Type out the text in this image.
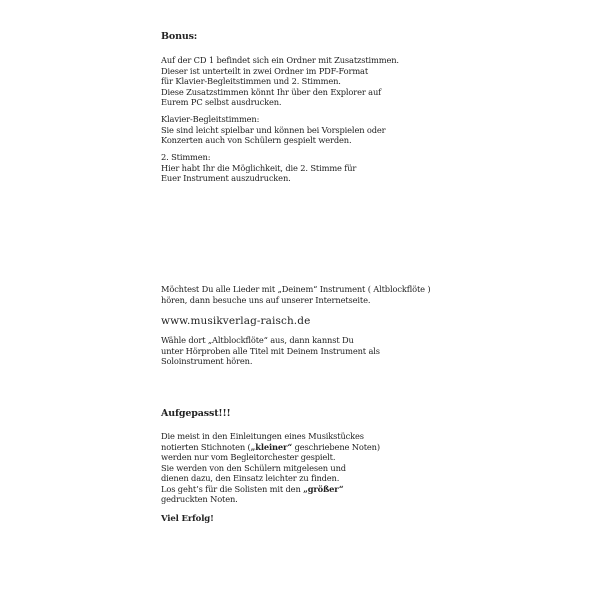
Bonus:
Auf der CD 1 befindet sich ein Ordner mit Zusatzstimmen.
Dieser ist unterteilt in zwei Ordner im PDF-Format
für Klavier-Begleitstimmen und 2. Stimmen.
Diese Zusatzstimmen könnt Ihr über den Explorer auf
Eurem PC selbst ausdrucken.
Klavier-Begleitstimmen:
Sie sind leicht spielbar und können bei Vorspielen oder
Konzerten auch von Schülern gespielt werden.
2. Stimmen:
Hier habt Ihr die Möglichkeit, die 2. Stimme für
Euer Instrument auszudrucken.
Möchtest Du alle Lieder mit „Deinem“ Instrument ( Altblockflöte )
hören, dann besuche uns auf unserer Internetseite.
www.musikverlag-raisch.de
Wähle dort „Altblockflöte“ aus, dann kannst Du
unter Hörproben alle Titel mit Deinem Instrument als
Soloinstrument hören.
Aufgepasst!!!
Die meist in den Einleitungen eines Musikstückes
notierten Stichnoten („kleiner“ geschriebene Noten)
werden nur vom Begleitorchester gespielt.
Sie werden von den Schülern mitgelesen und
dienen dazu, den Einsatz leichter zu finden.
Los geht’s für die Solisten mit den „größer“
gedruckten Noten.
Viel Erfolg!
